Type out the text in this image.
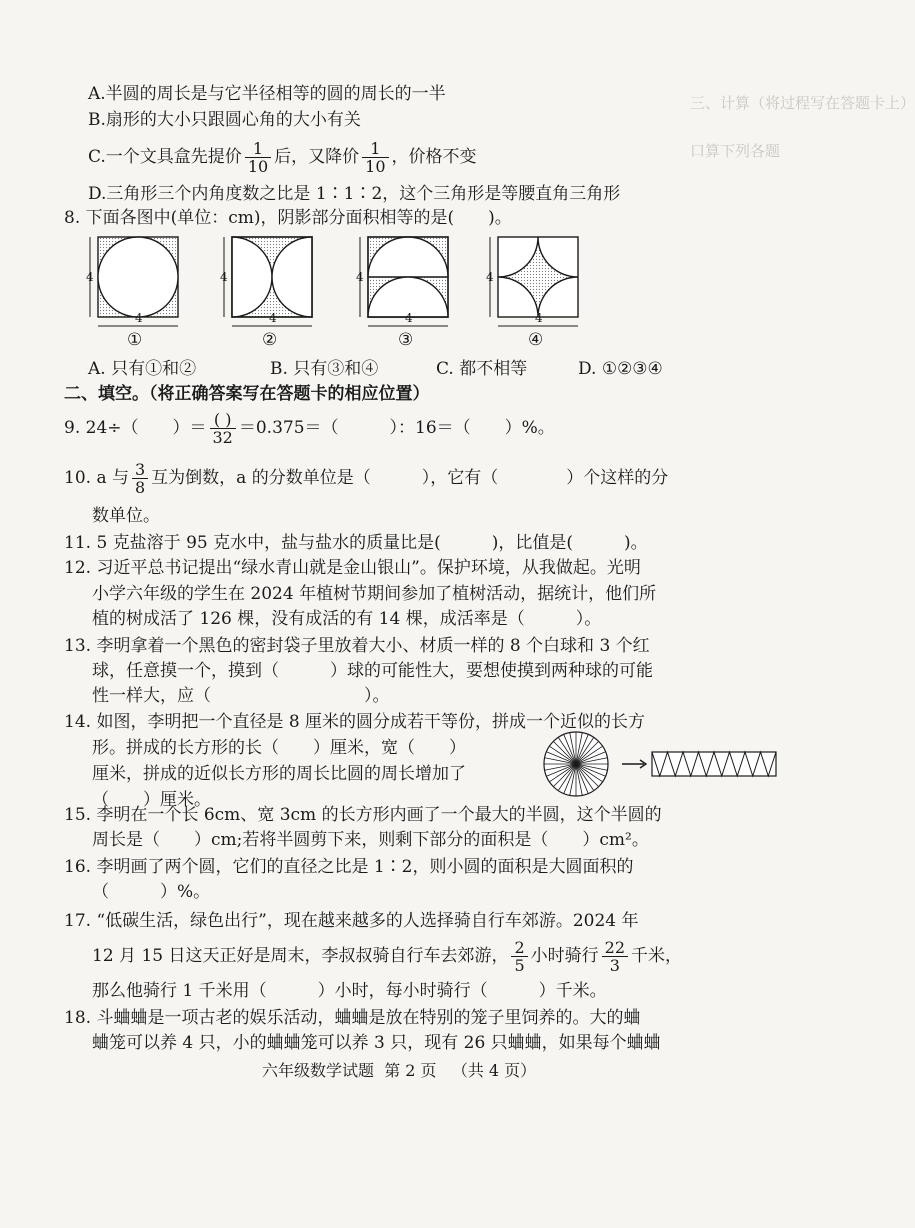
三、计算（将过程写在答题卡上）
口算下列各题
A.半圆的周长是与它半径相等的圆的周长的一半
B.扇形的大小只跟圆心角的大小有关
C.一个文具盒先提价 $\frac{1}{10}$ 后，又降价 $\frac{1}{10}$ ，价格不变
D.三角形三个内角度数之比是 1∶1∶2，这个三角形是等腰直角三角形
8. 下面各图中(单位：cm)，阴影部分面积相等的是(　　)。
4
4
①
4
4
②
4
4
③
4
4
④
A. 只有①和②	B. 只有③和④	C. 都不相等	D. ①②③④
二、填空。（将正确答案写在答题卡的相应位置）
9. 24÷（　　）＝ $\frac{( )}{32} =0.375=$（　　　）：16＝（　　）%。
10. a 与 $\frac{3}{8}$ 互为倒数，a 的分数单位是（　　　），它有（　　　　）个这样的分
数单位。
11. 5 克盐溶于 95 克水中，盐与盐水的质量比是(　　　)，比值是(　　　)。
12. 习近平总书记提出“绿水青山就是金山银山”。保护环境，从我做起。光明
小学六年级的学生在 2024 年植树节期间参加了植树活动，据统计，他们所
植的树成活了 126 棵，没有成活的有 14 棵，成活率是（　　　）。
13. 李明拿着一个黑色的密封袋子里放着大小、材质一样的 8 个白球和 3 个红
球，任意摸一个，摸到（　　　）球的可能性大，要想使摸到两种球的可能
性一样大，应（　　　　　　　　　）。
14. 如图，李明把一个直径是 8 厘米的圆分成若干等份，拼成一个近似的长方
形。拼成的长方形的长（　　）厘米，宽（　　）
厘米，拼成的近似长方形的周长比圆的周长增加了
（　　）厘米。
15. 李明在一个长 6cm、宽 3cm 的长方形内画了一个最大的半圆，这个半圆的
周长是（　　）cm;若将半圆剪下来，则剩下部分的面积是（　　）cm²。
16. 李明画了两个圆，它们的直径之比是 1∶2，则小圆的面积是大圆面积的
（　　　）%。
17. “低碳生活，绿色出行”，现在越来越多的人选择骑自行车郊游。2024 年
12 月 15 日这天正好是周末，李叔叔骑自行车去郊游， $\frac{2}{5}$ 小时骑行 $\frac{22}{3}$ 千米，
那么他骑行 1 千米用（　　　）小时，每小时骑行（　　　）千米。
18. 斗蛐蛐是一项古老的娱乐活动，蛐蛐是放在特别的笼子里饲养的。大的蛐
蛐笼可以养 4 只，小的蛐蛐笼可以养 3 只，现有 26 只蛐蛐，如果每个蛐蛐
六年级数学试题 第 2 页 （共 4 页）
